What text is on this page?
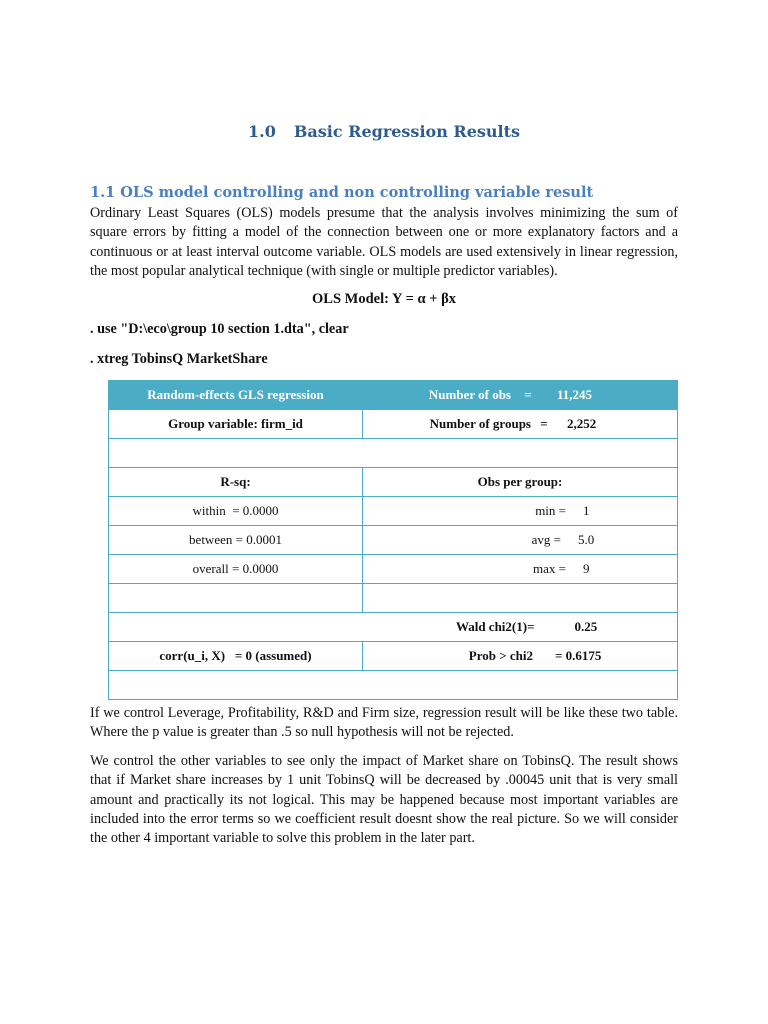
1.0 Basic Regression Results
1.1 OLS model controlling and non controlling variable result

Ordinary Least Squares (OLS) models presume that the analysis involves minimizing the sum of square errors by fitting a model of the connection between one or more explanatory factors and a continuous or at least interval outcome variable. OLS models are used extensively in linear regression, the most popular analytical technique (with single or multiple predictor variables).

OLS Model: Y = α + βx

. use "D:\eco\group 10 section 1.dta", clear

. xtreg TobinsQ MarketShare

Random-effects GLS regression	Number of obs = 11,245
Group variable: firm_id	Number of groups = 2,252

R-sq:	Obs per group:
within  = 0.0000	min = 1
between = 0.0001	avg = 5.0
overall = 0.0000	max = 9

	Wald chi2(1)= 0.25
corr(u_i, X)   = 0 (assumed)	Prob > chi2 = 0.6175

If we control Leverage, Profitability, R&D and Firm size, regression result will be like these two table. Where the p value is greater than .5 so null hypothesis will not be rejected.

We control the other variables to see only the impact of Market share on TobinsQ. The result shows that if Market share increases by 1 unit TobinsQ will be decreased by .00045 unit that is very small amount and practically its not logical. This may be happened because most important variables are included into the error terms so we coefficient result doesnt show the real picture. So we will consider the other 4 important variable to solve this problem in the later part.
